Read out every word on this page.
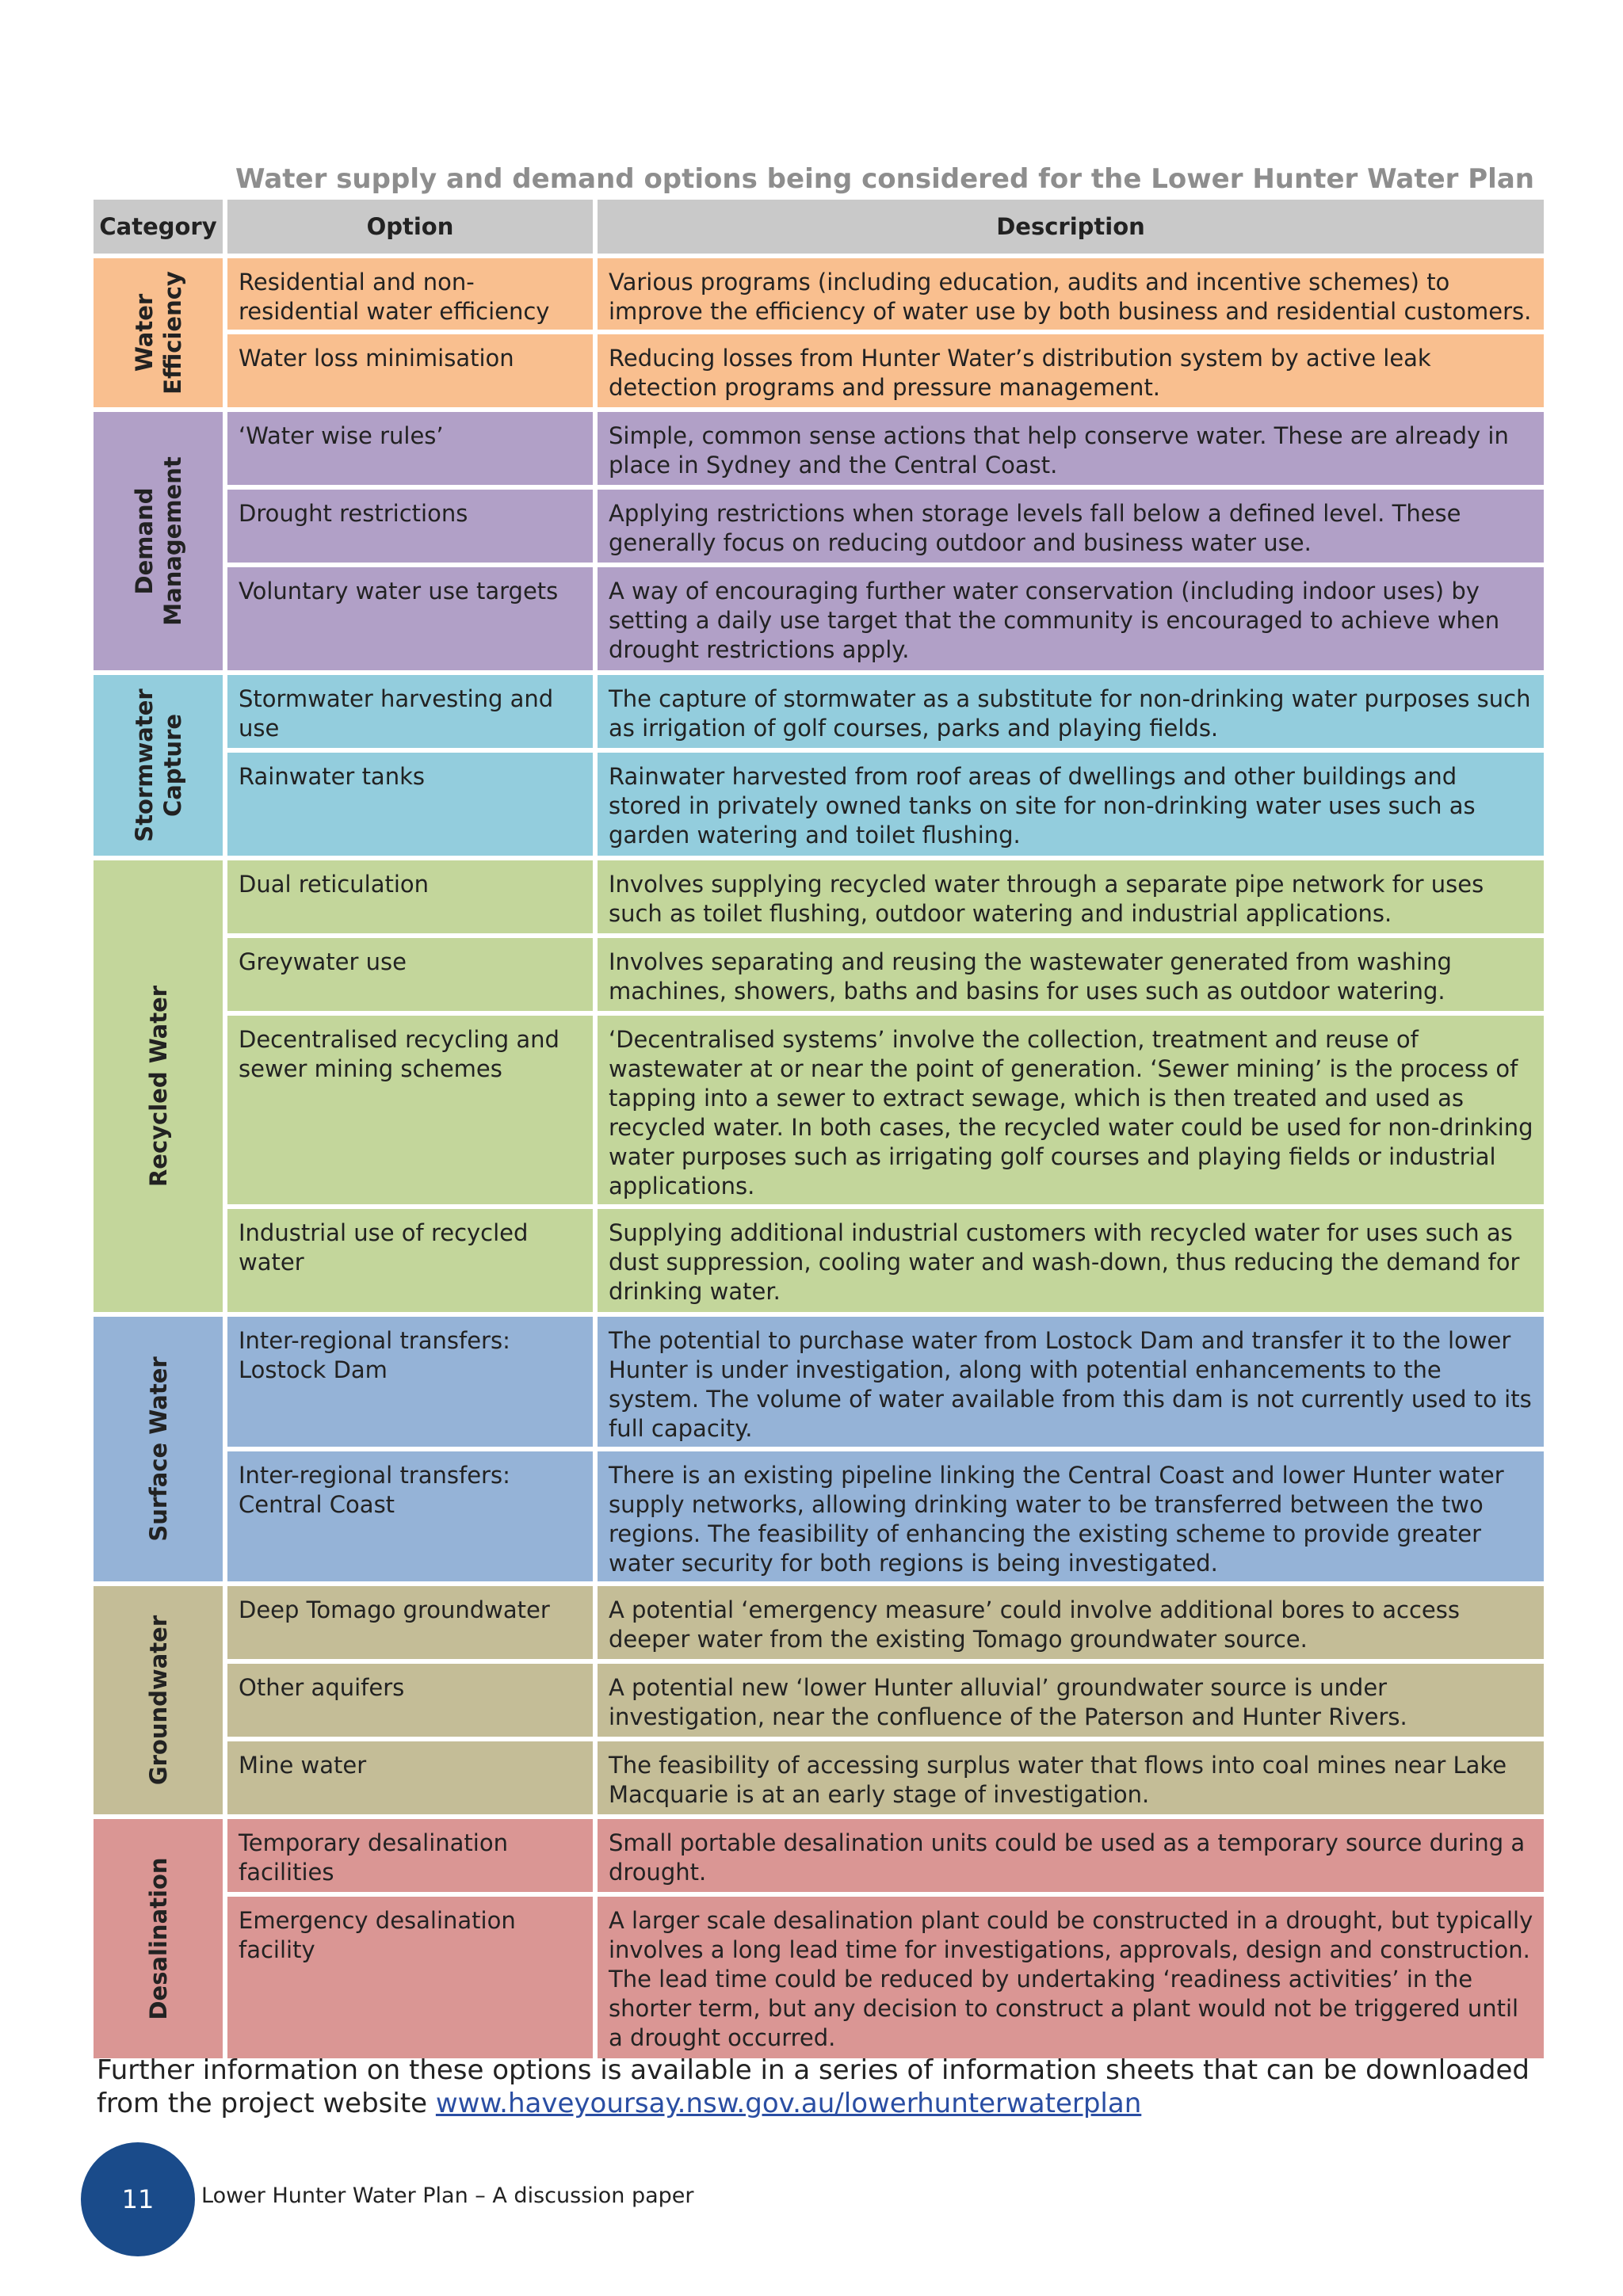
Water supply and demand options being considered for the Lower Hunter Water Plan
Category	Option	Description

Water Efficiency	Residential and non-residential water efficiency	Various programs (including education, audits and incentive schemes) to improve the efficiency of water use by both business and residential customers.
	Water loss minimisation	Reducing losses from Hunter Water’s distribution system by active leak detection programs and pressure management.

Demand Management	‘Water wise rules’	Simple, common sense actions that help conserve water. These are already in place in Sydney and the Central Coast.
	Drought restrictions	Applying restrictions when storage levels fall below a defined level. These generally focus on reducing outdoor and business water use.
	Voluntary water use targets	A way of encouraging further water conservation (including indoor uses) by setting a daily use target that the community is encouraged to achieve when drought restrictions apply.

Stormwater Capture	Stormwater harvesting and use	The capture of stormwater as a substitute for non-drinking water purposes such as irrigation of golf courses, parks and playing fields.
	Rainwater tanks	Rainwater harvested from roof areas of dwellings and other buildings and stored in privately owned tanks on site for non-drinking water uses such as garden watering and toilet flushing.

Recycled Water	Dual reticulation	Involves supplying recycled water through a separate pipe network for uses such as toilet flushing, outdoor watering and industrial applications.
	Greywater use	Involves separating and reusing the wastewater generated from washing machines, showers, baths and basins for uses such as outdoor watering.
	Decentralised recycling and sewer mining schemes	‘Decentralised systems’ involve the collection, treatment and reuse of wastewater at or near the point of generation. ‘Sewer mining’ is the process of tapping into a sewer to extract sewage, which is then treated and used as recycled water. In both cases, the recycled water could be used for non-drinking water purposes such as irrigating golf courses and playing fields or industrial applications.
	Industrial use of recycled water	Supplying additional industrial customers with recycled water for uses such as dust suppression, cooling water and wash-down, thus reducing the demand for drinking water.

Surface Water	Inter-regional transfers: Lostock Dam	The potential to purchase water from Lostock Dam and transfer it to the lower Hunter is under investigation, along with potential enhancements to the system. The volume of water available from this dam is not currently used to its full capacity.
	Inter-regional transfers: Central Coast	There is an existing pipeline linking the Central Coast and lower Hunter water supply networks, allowing drinking water to be transferred between the two regions. The feasibility of enhancing the existing scheme to provide greater water security for both regions is being investigated.

Groundwater	Deep Tomago groundwater	A potential ‘emergency measure’ could involve additional bores to access deeper water from the existing Tomago groundwater source.
	Other aquifers	A potential new ‘lower Hunter alluvial’ groundwater source is under investigation, near the confluence of the Paterson and Hunter Rivers.
	Mine water	The feasibility of accessing surplus water that flows into coal mines near Lake Macquarie is at an early stage of investigation.

Desalination	Temporary desalination facilities	Small portable desalination units could be used as a temporary source during a drought.
	Emergency desalination facility	A larger scale desalination plant could be constructed in a drought, but typically involves a long lead time for investigations, approvals, design and construction. The lead time could be reduced by undertaking ‘readiness activities’ in the shorter term, but any decision to construct a plant would not be triggered until a drought occurred.
Further information on these options is available in a series of information sheets that can be downloaded from the project website www.haveyoursay.nsw.gov.au/lowerhunterwaterplan
11 Lower Hunter Water Plan – A discussion paper
